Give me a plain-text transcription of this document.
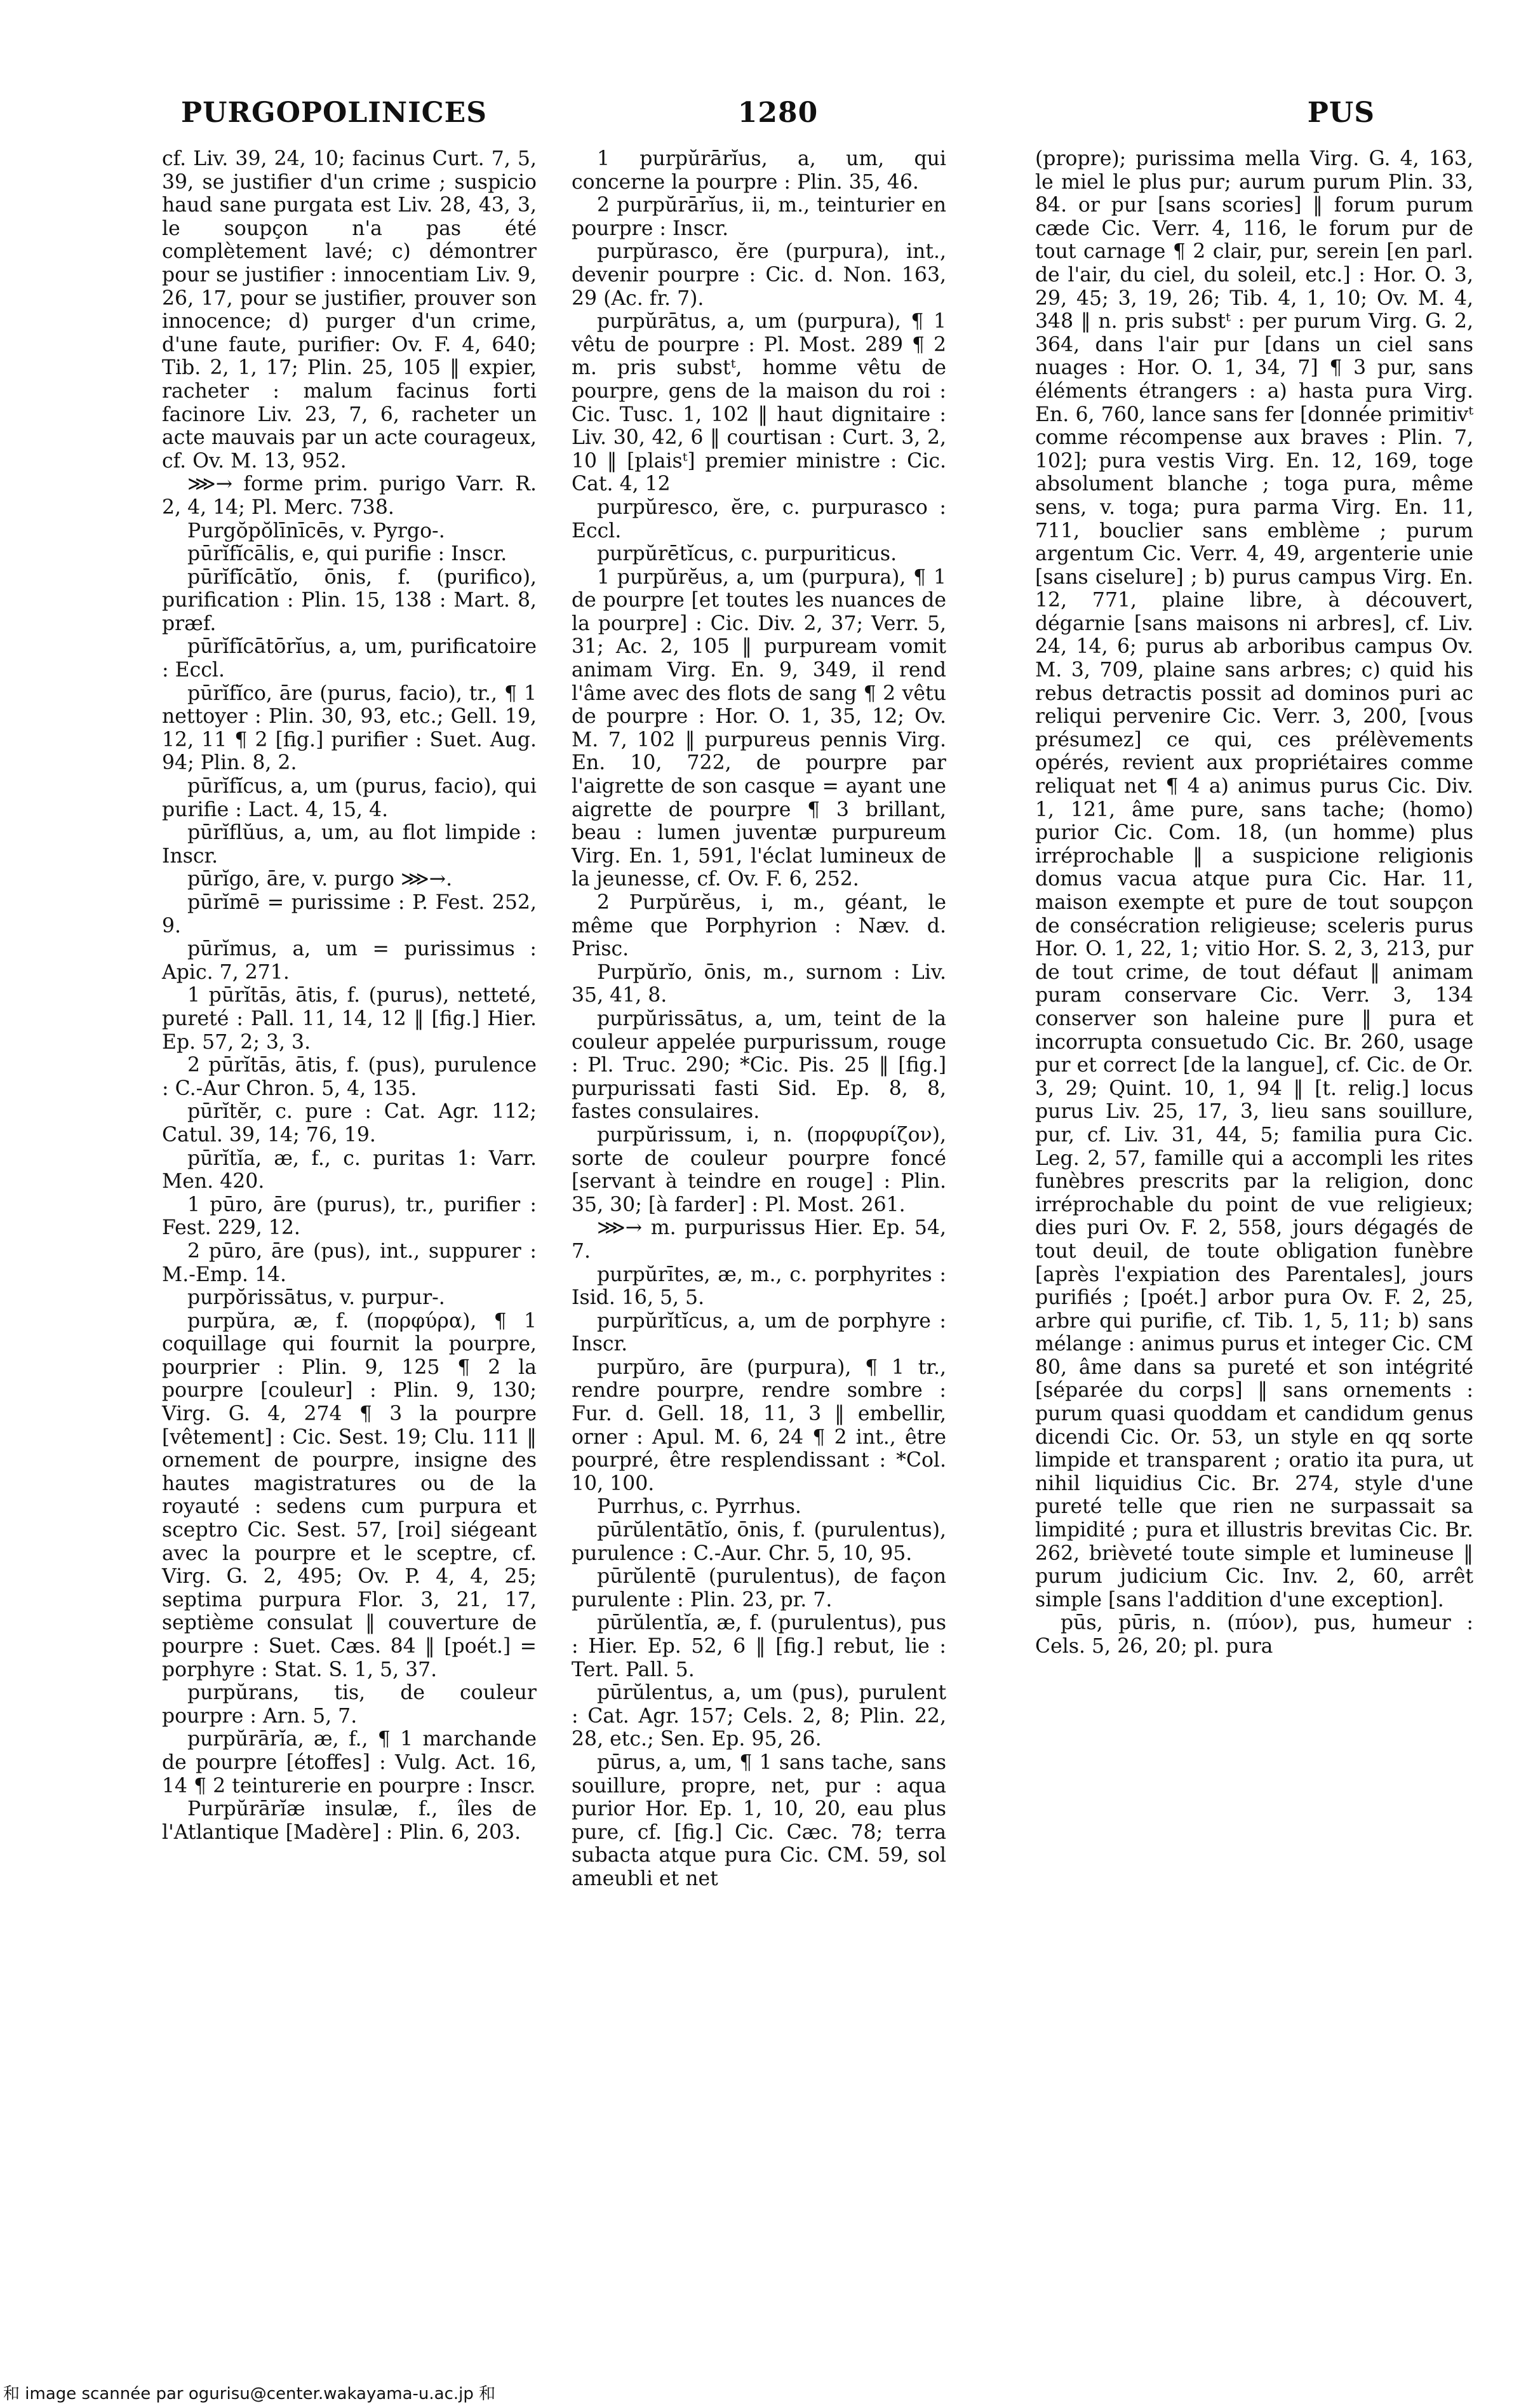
1280
PURGOPOLINICES	PUS

cf. Liv. 39, 24, 10; facinus Curt. 7, 5, 39, se justifier d'un crime ; suspicio haud sane purgata est Liv. 28, 43, 3, le soupçon n'a pas été complètement lavé; c) démontrer pour se justifier : innocentiam Liv. 9, 26, 17, pour se justifier, prouver son innocence; d) purger d'un crime, d'une faute, purifier: Ov. F. 4, 640; Tib. 2, 1, 17; Plin. 25, 105 ‖ expier, racheter : malum facinus forti facinore Liv. 23, 7, 6, racheter un acte mauvais par un acte courageux, cf. Ov. M. 13, 952.

⋙→ forme prim. purigo Varr. R. 2, 4, 14; Pl. Merc. 738.

Purgŏpŏlīnīcēs, v. Pyrgo-.

pūrĭfĭcālis, e, qui purifie : Inscr.

pūrĭfĭcātĭo, ōnis, f. (purifico), purification : Plin. 15, 138 : Mart. 8, præf.

pūrĭfĭcātōrĭus, a, um, purificatoire : Eccl.

pūrĭfĭco, āre (purus, facio), tr., ¶ 1 nettoyer : Plin. 30, 93, etc.; Gell. 19, 12, 11 ¶ 2 [fig.] purifier : Suet. Aug. 94; Plin. 8, 2.

pūrĭfĭcus, a, um (purus, facio), qui purifie : Lact. 4, 15, 4.

pūrĭflŭus, a, um, au flot limpide : Inscr.

pūrĭgo, āre, v. purgo ⋙→.

pūrĭmē = purissime : P. Fest. 252, 9.

pūrĭmus, a, um = purissimus : Apic. 7, 271.

1 pūrĭtās, ātis, f. (purus), netteté, pureté : Pall. 11, 14, 12 ‖ [fig.] Hier. Ep. 57, 2; 3, 3.

2 pūrĭtās, ātis, f. (pus), purulence : C.-Aur Chron. 5, 4, 135.

pūrĭtĕr, c. pure : Cat. Agr. 112; Catul. 39, 14; 76, 19.

pūrĭtĭa, æ, f., c. puritas 1: Varr. Men. 420.

1 pūro, āre (purus), tr., purifier : Fest. 229, 12.

2 pūro, āre (pus), int., suppurer : M.-Emp. 14.

purpŏrissātus, v. purpur-.

purpŭra, æ, f. (πορφύρα), ¶ 1 coquillage qui fournit la pourpre, pourprier : Plin. 9, 125 ¶ 2 la pourpre [couleur] : Plin. 9, 130; Virg. G. 4, 274 ¶ 3 la pourpre [vêtement] : Cic. Sest. 19; Clu. 111 ‖ ornement de pourpre, insigne des hautes magistratures ou de la royauté : sedens cum purpura et sceptro Cic. Sest. 57, [roi] siégeant avec la pourpre et le sceptre, cf. Virg. G. 2, 495; Ov. P. 4, 4, 25; septima purpura Flor. 3, 21, 17, septième consulat ‖ couverture de pourpre : Suet. Cæs. 84 ‖ [poét.] = porphyre : Stat. S. 1, 5, 37.

purpŭrans, tis, de couleur pourpre : Arn. 5, 7.

purpŭrārĭa, æ, f., ¶ 1 marchande de pourpre [étoffes] : Vulg. Act. 16, 14 ¶ 2 teinturerie en pourpre : Inscr.

Purpŭrārĭæ insulæ, f., îles de l'Atlantique [Madère] : Plin. 6, 203.

1 purpŭrārĭus, a, um, qui concerne la pourpre : Plin. 35, 46.

2 purpŭrārĭus, ii, m., teinturier en pourpre : Inscr.

purpŭrasco, ĕre (purpura), int., devenir pourpre : Cic. d. Non. 163, 29 (Ac. fr. 7).

purpŭrātus, a, um (purpura), ¶ 1 vêtu de pourpre : Pl. Most. 289 ¶ 2 m. pris substᵗ, homme vêtu de pourpre, gens de la maison du roi : Cic. Tusc. 1, 102 ‖ haut dignitaire : Liv. 30, 42, 6 ‖ courtisan : Curt. 3, 2, 10 ‖ [plaisᵗ] premier ministre : Cic. Cat. 4, 12

purpŭresco, ĕre, c. purpurasco : Eccl.

purpŭrētĭcus, c. purpuriticus.

1 purpŭrĕus, a, um (purpura), ¶ 1 de pourpre [et toutes les nuances de la pourpre] : Cic. Div. 2, 37; Verr. 5, 31; Ac. 2, 105 ‖ purpuream vomit animam Virg. En. 9, 349, il rend l'âme avec des flots de sang ¶ 2 vêtu de pourpre : Hor. O. 1, 35, 12; Ov. M. 7, 102 ‖ purpureus pennis Virg. En. 10, 722, de pourpre par l'aigrette de son casque = ayant une aigrette de pourpre ¶ 3 brillant, beau : lumen juventæ purpureum Virg. En. 1, 591, l'éclat lumineux de la jeunesse, cf. Ov. F. 6, 252.

2 Purpŭrĕus, i, m., géant, le même que Porphyrion : Næv. d. Prisc.

Purpŭrĭo, ōnis, m., surnom : Liv. 35, 41, 8.

purpŭrissātus, a, um, teint de la couleur appelée purpurissum, rouge : Pl. Truc. 290; *Cic. Pis. 25 ‖ [fig.] purpurissati fasti Sid. Ep. 8, 8, fastes consulaires.

purpŭrissum, i, n. (πορφυρίζον), sorte de couleur pourpre foncé [servant à teindre en rouge] : Plin. 35, 30; [à farder] : Pl. Most. 261.

⋙→ m. purpurissus Hier. Ep. 54, 7.

purpŭrītes, æ, m., c. porphyrites : Isid. 16, 5, 5.

purpŭrĭtĭcus, a, um de porphyre : Inscr.

purpŭro, āre (purpura), ¶ 1 tr., rendre pourpre, rendre sombre : Fur. d. Gell. 18, 11, 3 ‖ embellir, orner : Apul. M. 6, 24 ¶ 2 int., être pourpré, être resplendissant : *Col. 10, 100.

Purrhus, c. Pyrrhus.

pūrŭlentātĭo, ōnis, f. (purulentus), purulence : C.-Aur. Chr. 5, 10, 95.

pūrŭlentē (purulentus), de façon purulente : Plin. 23, pr. 7.

pūrŭlentĭa, æ, f. (purulentus), pus : Hier. Ep. 52, 6 ‖ [fig.] rebut, lie : Tert. Pall. 5.

pūrŭlentus, a, um (pus), purulent : Cat. Agr. 157; Cels. 2, 8; Plin. 22, 28, etc.; Sen. Ep. 95, 26.

pūrus, a, um, ¶ 1 sans tache, sans souillure, propre, net, pur : aqua purior Hor. Ep. 1, 10, 20, eau plus pure, cf. [fig.] Cic. Cæc. 78; terra subacta atque pura Cic. CM. 59, sol ameubli et net

(propre); purissima mella Virg. G. 4, 163, le miel le plus pur; aurum purum Plin. 33, 84. or pur [sans scories] ‖ forum purum cæde Cic. Verr. 4, 116, le forum pur de tout carnage ¶ 2 clair, pur, serein [en parl. de l'air, du ciel, du soleil, etc.] : Hor. O. 3, 29, 45; 3, 19, 26; Tib. 4, 1, 10; Ov. M. 4, 348 ‖ n. pris substᵗ : per purum Virg. G. 2, 364, dans l'air pur [dans un ciel sans nuages : Hor. O. 1, 34, 7] ¶ 3 pur, sans éléments étrangers : a) hasta pura Virg. En. 6, 760, lance sans fer [donnée primitivᵗ comme récompense aux braves : Plin. 7, 102]; pura vestis Virg. En. 12, 169, toge absolument blanche ; toga pura, même sens, v. toga; pura parma Virg. En. 11, 711, bouclier sans emblème ; purum argentum Cic. Verr. 4, 49, argenterie unie [sans ciselure] ; b) purus campus Virg. En. 12, 771, plaine libre, à découvert, dégarnie [sans maisons ni arbres], cf. Liv. 24, 14, 6; purus ab arboribus campus Ov. M. 3, 709, plaine sans arbres; c) quid his rebus detractis possit ad dominos puri ac reliqui pervenire Cic. Verr. 3, 200, [vous présumez] ce qui, ces prélèvements opérés, revient aux propriétaires comme reliquat net ¶ 4 a) animus purus Cic. Div. 1, 121, âme pure, sans tache; (homo) purior Cic. Com. 18, (un homme) plus irréprochable ‖ a suspicione religionis domus vacua atque pura Cic. Har. 11, maison exempte et pure de tout soupçon de consécration religieuse; sceleris purus Hor. O. 1, 22, 1; vitio Hor. S. 2, 3, 213, pur de tout crime, de tout défaut ‖ animam puram conservare Cic. Verr. 3, 134 conserver son haleine pure ‖ pura et incorrupta consuetudo Cic. Br. 260, usage pur et correct [de la langue], cf. Cic. de Or. 3, 29; Quint. 10, 1, 94 ‖ [t. relig.] locus purus Liv. 25, 17, 3, lieu sans souillure, pur, cf. Liv. 31, 44, 5; familia pura Cic. Leg. 2, 57, famille qui a accompli les rites funèbres prescrits par la religion, donc irréprochable du point de vue religieux; dies puri Ov. F. 2, 558, jours dégagés de tout deuil, de toute obligation funèbre [après l'expiation des Parentales], jours purifiés ; [poét.] arbor pura Ov. F. 2, 25, arbre qui purifie, cf. Tib. 1, 5, 11; b) sans mélange : animus purus et integer Cic. CM 80, âme dans sa pureté et son intégrité [séparée du corps] ‖ sans ornements : purum quasi quoddam et candidum genus dicendi Cic. Or. 53, un style en qq sorte limpide et transparent ; oratio ita pura, ut nihil liquidius Cic. Br. 274, style d'une pureté telle que rien ne surpassait sa limpidité ; pura et illustris brevitas Cic. Br. 262, brièveté toute simple et lumineuse ‖ purum judicium Cic. Inv. 2, 60, arrêt simple [sans l'addition d'une exception].

pūs, pūris, n. (πύον), pus, humeur : Cels. 5, 26, 20; pl. pura

和 image scannée par ogurisu@center.wakayama-u.ac.jp 和
